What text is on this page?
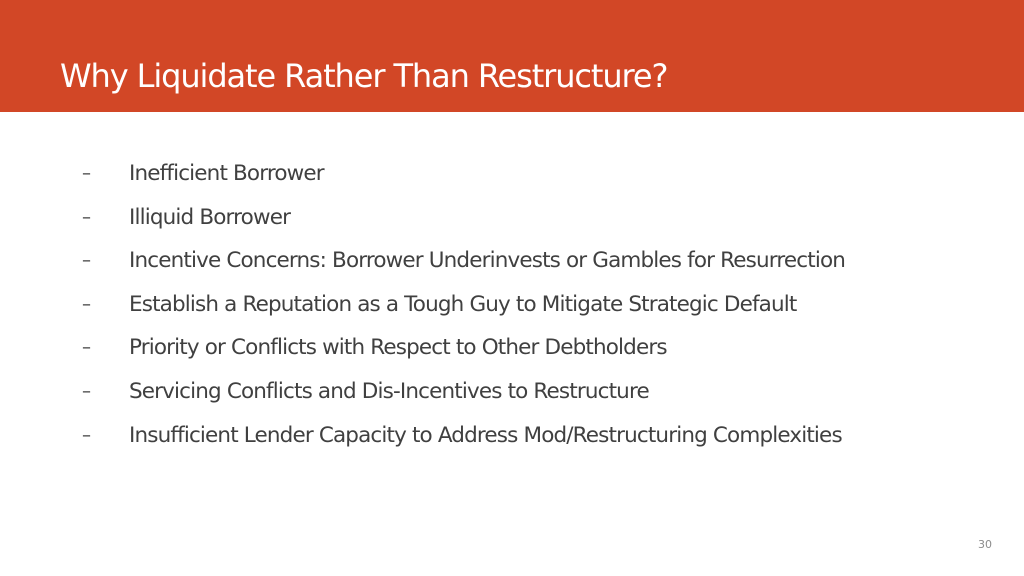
Why Liquidate Rather Than Restructure?
– Inefficient Borrower
– Illiquid Borrower
– Incentive Concerns: Borrower Underinvests or Gambles for Resurrection
– Establish a Reputation as a Tough Guy to Mitigate Strategic Default
– Priority or Conflicts with Respect to Other Debtholders
– Servicing Conflicts and Dis-Incentives to Restructure
– Insufficient Lender Capacity to Address Mod/Restructuring Complexities
30
